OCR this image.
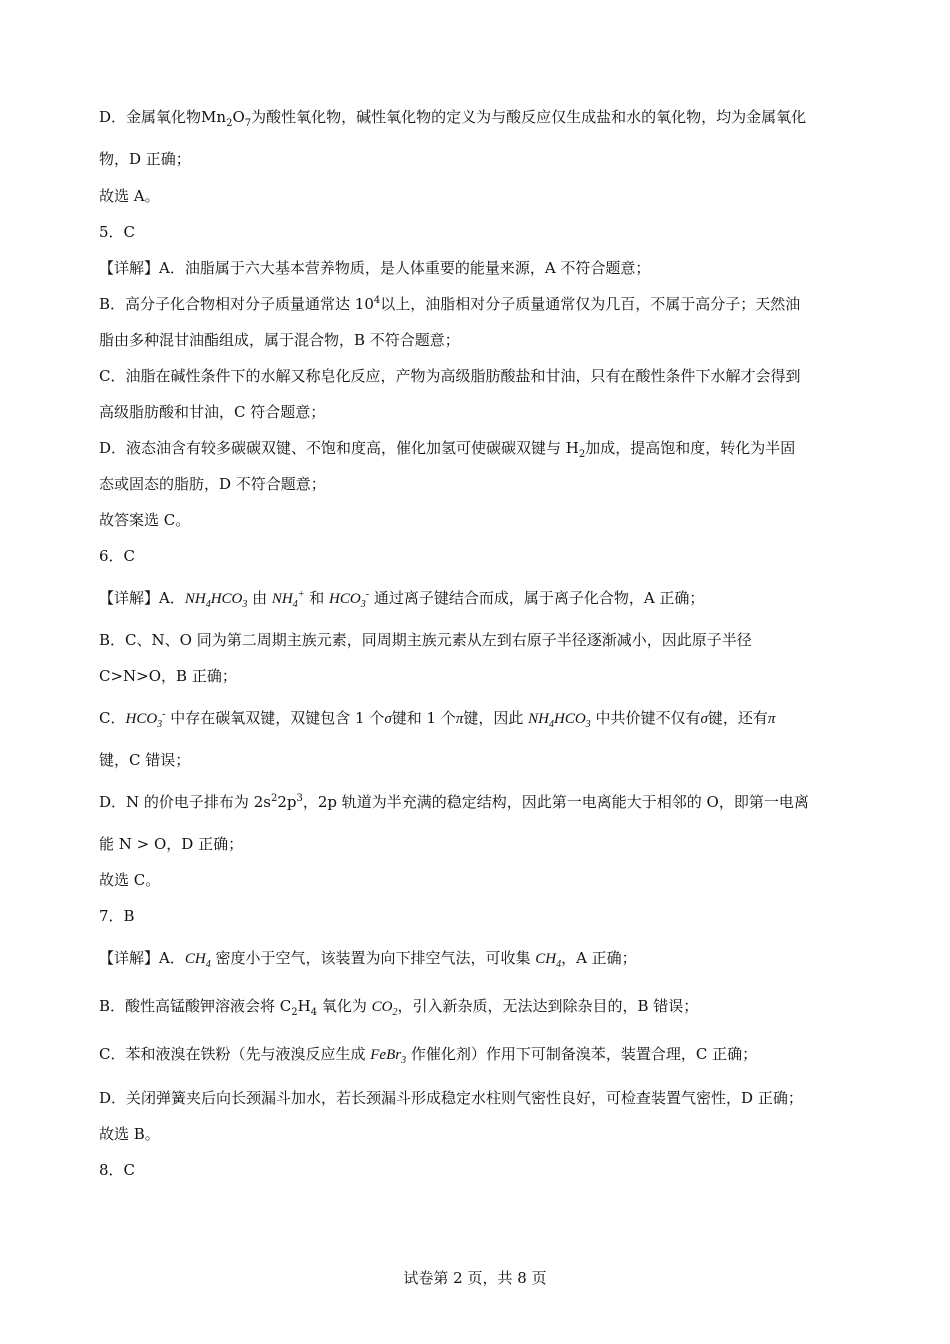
D．金属氧化物$Mn_2O_7$为酸性氧化物，碱性氧化物的定义为与酸反应仅生成盐和水的氧化物，均为金属氧化
物，D 正确；
故选 A。
5．C
【详解】A．油脂属于六大基本营养物质，是人体重要的能量来源，A 不符合题意；
B．高分子化合物相对分子质量通常达 $10^4$以上，油脂相对分子质量通常仅为几百，不属于高分子；天然油
脂由多种混甘油酯组成，属于混合物，B 不符合题意；
C．油脂在碱性条件下的水解又称皂化反应，产物为高级脂肪酸盐和甘油，只有在酸性条件下水解才会得到
高级脂肪酸和甘油，C 符合题意；
D．液态油含有较多碳碳双键、不饱和度高，催化加氢可使碳碳双键与 $H_2$加成，提高饱和度，转化为半固
态或固态的脂肪，D 不符合题意；
故答案选 C。
6．C
【详解】A．$NH_4HCO_3$ 由 $NH_4^+$ 和 $HCO_3^-$ 通过离子键结合而成，属于离子化合物，A 正确；
B．C、N、O 同为第二周期主族元素，同周期主族元素从左到右原子半径逐渐减小，因此原子半径
C>N>O，B 正确；
C．$HCO_3^-$ 中存在碳氧双键，双键包含 1 个σ键和 1 个π键，因此 $NH_4HCO_3$ 中共价键不仅有σ键，还有π
键，C 错误；
D．N 的价电子排布为 $2s^22p^3$，2p 轨道为半充满的稳定结构，因此第一电离能大于相邻的 O，即第一电离
能 N > O，D 正确；
故选 C。
7．B
【详解】A．$CH_4$ 密度小于空气，该装置为向下排空气法，可收集 $CH_4$，A 正确；
B．酸性高锰酸钾溶液会将 $C_2H_4$ 氧化为 $CO_2$，引入新杂质，无法达到除杂目的，B 错误；
C．苯和液溴在铁粉（先与液溴反应生成 FeBr$_3$ 作催化剂）作用下可制备溴苯，装置合理，C 正确；
D．关闭弹簧夹后向长颈漏斗加水，若长颈漏斗形成稳定水柱则气密性良好，可检查装置气密性，D 正确；
故选 B。
8．C
试卷第 2 页，共 8 页
